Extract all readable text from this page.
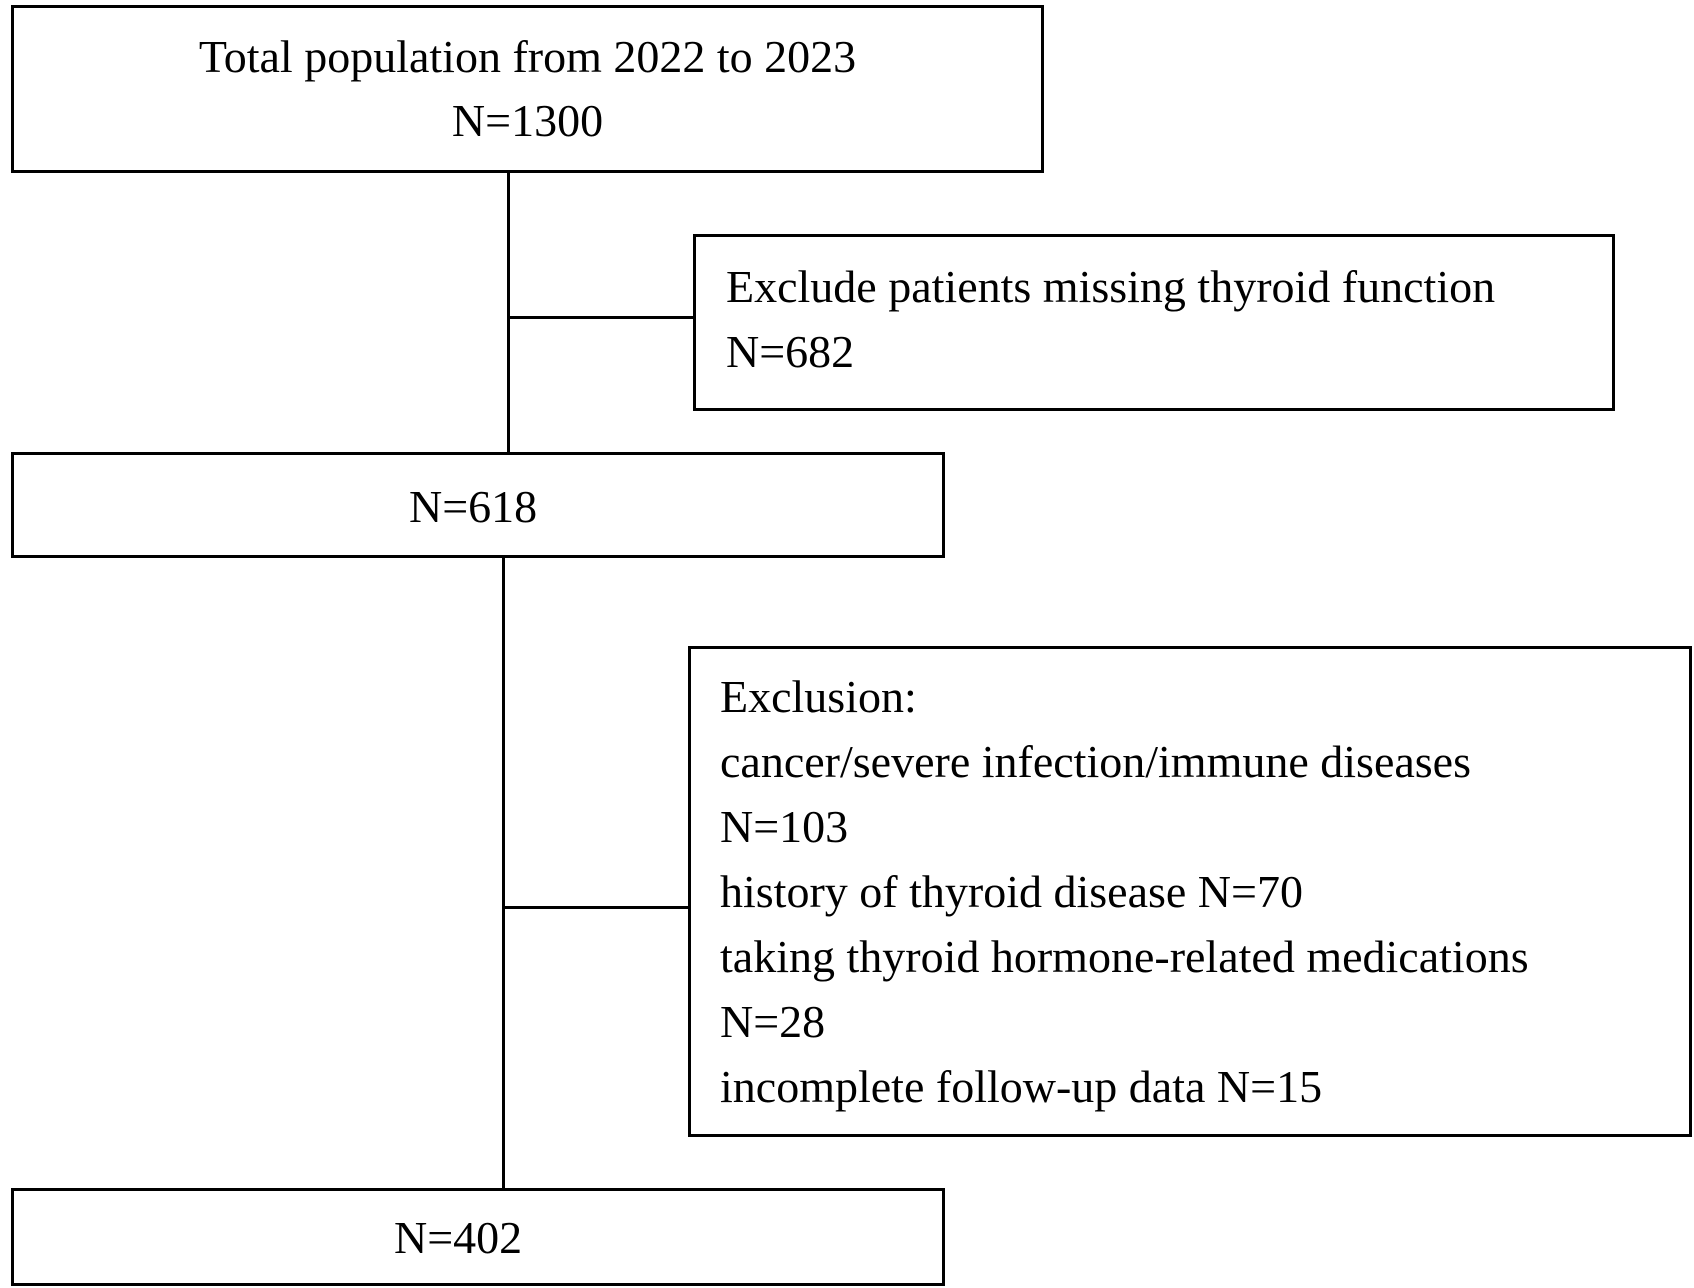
Total population from 2022 to 2023
N=1300
Exclude patients missing thyroid function
N=682
N=618
Exclusion:
cancer/severe infection/immune diseases
N=103
history of thyroid disease N=70
taking thyroid hormone-related medications
N=28
incomplete follow-up data N=15
N=402
